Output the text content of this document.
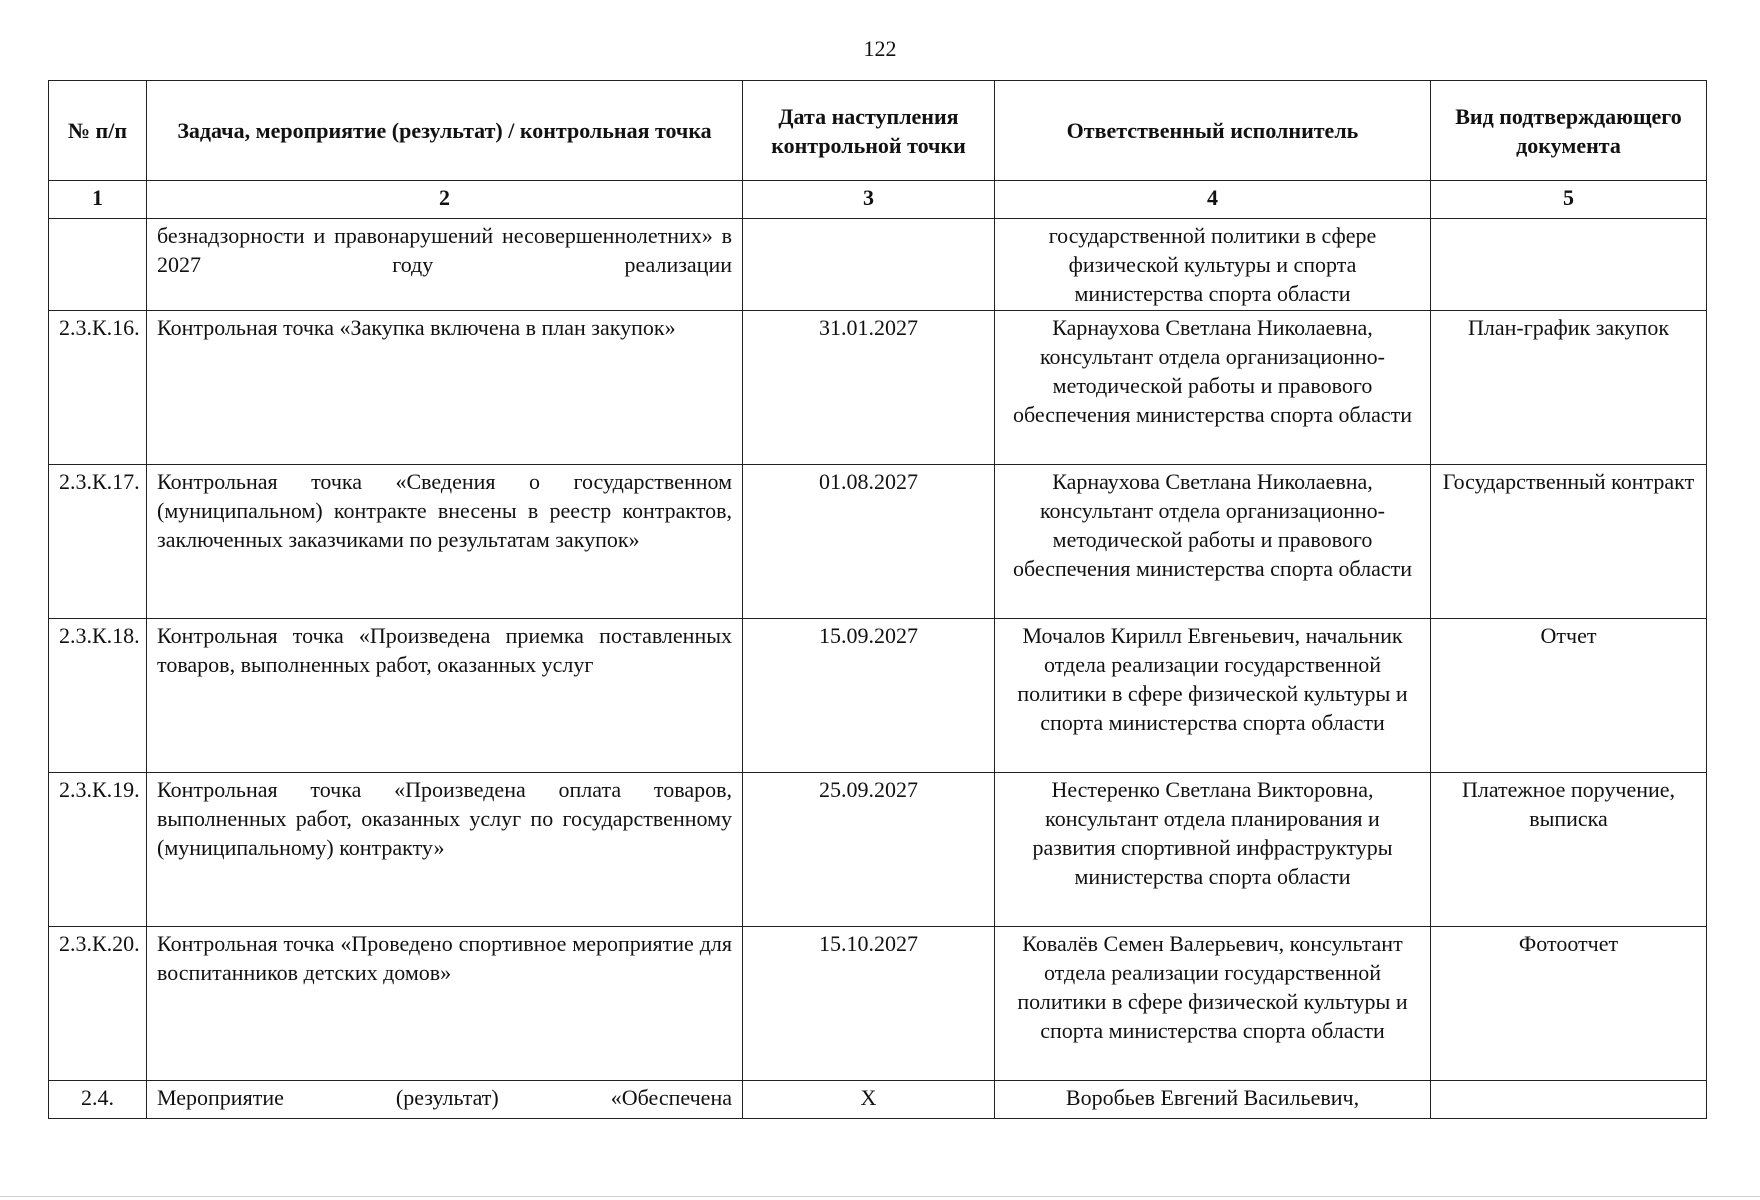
122
№ п/п	Задача, мероприятие (результат) / контрольная точка	Дата наступления контрольной точки	Ответственный исполнитель	Вид подтверждающего документа
1	2	3	4	5
	безнадзорности и правонарушений несовершеннолетних» в 2027 году реализации		государственной политики в сфере физической культуры и спорта министерства спорта области	
2.3.К.16.	Контрольная точка «Закупка включена в план закупок»	31.01.2027	Карнаухова Светлана Николаевна, консультант отдела организационно-методической работы и правового обеспечения министерства спорта области	План-график закупок
2.3.К.17.	Контрольная точка «Сведения о государственном (муниципальном) контракте внесены в реестр контрактов, заключенных заказчиками по результатам закупок»	01.08.2027	Карнаухова Светлана Николаевна, консультант отдела организационно-методической работы и правового обеспечения министерства спорта области	Государственный контракт
2.3.К.18.	Контрольная точка «Произведена приемка поставленных товаров, выполненных работ, оказанных услуг	15.09.2027	Мочалов Кирилл Евгеньевич, начальник отдела реализации государственной политики в сфере физической культуры и спорта министерства спорта области	Отчет
2.3.К.19.	Контрольная точка «Произведена оплата товаров, выполненных работ, оказанных услуг по государственному (муниципальному) контракту»	25.09.2027	Нестеренко Светлана Викторовна, консультант отдела планирования и развития спортивной инфраструктуры министерства спорта области	Платежное поручение, выписка
2.3.К.20.	Контрольная точка «Проведено спортивное мероприятие для воспитанников детских домов»	15.10.2027	Ковалёв Семен Валерьевич, консультант отдела реализации государственной политики в сфере физической культуры и спорта министерства спорта области	Фотоотчет
2.4.	Мероприятие (результат) «Обеспечена	X	Воробьев Евгений Васильевич,	
